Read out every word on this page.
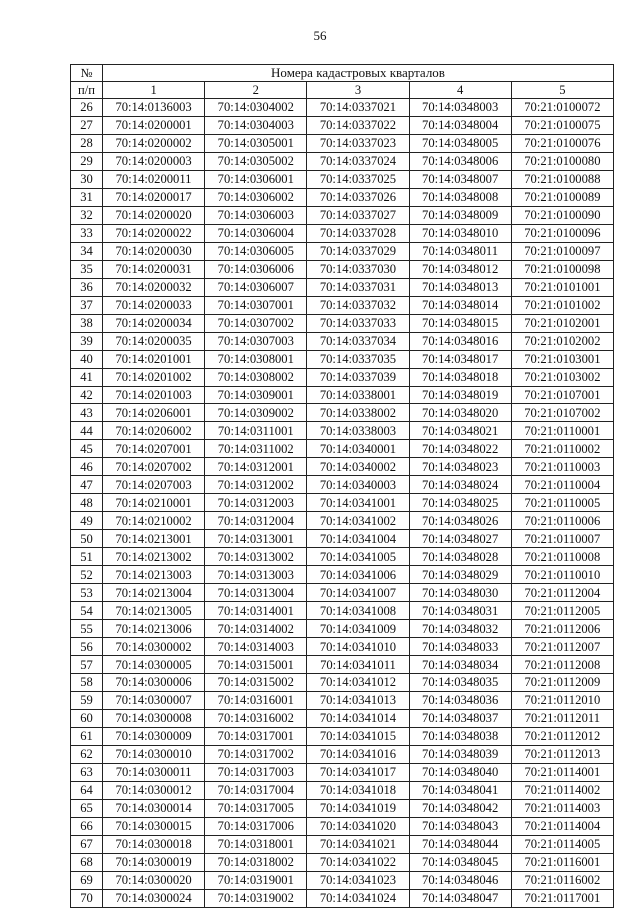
56
№	Номера кадастровых кварталов				
п/п	1	2	3	4	5
26	70:14:0136003	70:14:0304002	70:14:0337021	70:14:0348003	70:21:0100072
27	70:14:0200001	70:14:0304003	70:14:0337022	70:14:0348004	70:21:0100075
28	70:14:0200002	70:14:0305001	70:14:0337023	70:14:0348005	70:21:0100076
29	70:14:0200003	70:14:0305002	70:14:0337024	70:14:0348006	70:21:0100080
30	70:14:0200011	70:14:0306001	70:14:0337025	70:14:0348007	70:21:0100088
31	70:14:0200017	70:14:0306002	70:14:0337026	70:14:0348008	70:21:0100089
32	70:14:0200020	70:14:0306003	70:14:0337027	70:14:0348009	70:21:0100090
33	70:14:0200022	70:14:0306004	70:14:0337028	70:14:0348010	70:21:0100096
34	70:14:0200030	70:14:0306005	70:14:0337029	70:14:0348011	70:21:0100097
35	70:14:0200031	70:14:0306006	70:14:0337030	70:14:0348012	70:21:0100098
36	70:14:0200032	70:14:0306007	70:14:0337031	70:14:0348013	70:21:0101001
37	70:14:0200033	70:14:0307001	70:14:0337032	70:14:0348014	70:21:0101002
38	70:14:0200034	70:14:0307002	70:14:0337033	70:14:0348015	70:21:0102001
39	70:14:0200035	70:14:0307003	70:14:0337034	70:14:0348016	70:21:0102002
40	70:14:0201001	70:14:0308001	70:14:0337035	70:14:0348017	70:21:0103001
41	70:14:0201002	70:14:0308002	70:14:0337039	70:14:0348018	70:21:0103002
42	70:14:0201003	70:14:0309001	70:14:0338001	70:14:0348019	70:21:0107001
43	70:14:0206001	70:14:0309002	70:14:0338002	70:14:0348020	70:21:0107002
44	70:14:0206002	70:14:0311001	70:14:0338003	70:14:0348021	70:21:0110001
45	70:14:0207001	70:14:0311002	70:14:0340001	70:14:0348022	70:21:0110002
46	70:14:0207002	70:14:0312001	70:14:0340002	70:14:0348023	70:21:0110003
47	70:14:0207003	70:14:0312002	70:14:0340003	70:14:0348024	70:21:0110004
48	70:14:0210001	70:14:0312003	70:14:0341001	70:14:0348025	70:21:0110005
49	70:14:0210002	70:14:0312004	70:14:0341002	70:14:0348026	70:21:0110006
50	70:14:0213001	70:14:0313001	70:14:0341004	70:14:0348027	70:21:0110007
51	70:14:0213002	70:14:0313002	70:14:0341005	70:14:0348028	70:21:0110008
52	70:14:0213003	70:14:0313003	70:14:0341006	70:14:0348029	70:21:0110010
53	70:14:0213004	70:14:0313004	70:14:0341007	70:14:0348030	70:21:0112004
54	70:14:0213005	70:14:0314001	70:14:0341008	70:14:0348031	70:21:0112005
55	70:14:0213006	70:14:0314002	70:14:0341009	70:14:0348032	70:21:0112006
56	70:14:0300002	70:14:0314003	70:14:0341010	70:14:0348033	70:21:0112007
57	70:14:0300005	70:14:0315001	70:14:0341011	70:14:0348034	70:21:0112008
58	70:14:0300006	70:14:0315002	70:14:0341012	70:14:0348035	70:21:0112009
59	70:14:0300007	70:14:0316001	70:14:0341013	70:14:0348036	70:21:0112010
60	70:14:0300008	70:14:0316002	70:14:0341014	70:14:0348037	70:21:0112011
61	70:14:0300009	70:14:0317001	70:14:0341015	70:14:0348038	70:21:0112012
62	70:14:0300010	70:14:0317002	70:14:0341016	70:14:0348039	70:21:0112013
63	70:14:0300011	70:14:0317003	70:14:0341017	70:14:0348040	70:21:0114001
64	70:14:0300012	70:14:0317004	70:14:0341018	70:14:0348041	70:21:0114002
65	70:14:0300014	70:14:0317005	70:14:0341019	70:14:0348042	70:21:0114003
66	70:14:0300015	70:14:0317006	70:14:0341020	70:14:0348043	70:21:0114004
67	70:14:0300018	70:14:0318001	70:14:0341021	70:14:0348044	70:21:0114005
68	70:14:0300019	70:14:0318002	70:14:0341022	70:14:0348045	70:21:0116001
69	70:14:0300020	70:14:0319001	70:14:0341023	70:14:0348046	70:21:0116002
70	70:14:0300024	70:14:0319002	70:14:0341024	70:14:0348047	70:21:0117001
